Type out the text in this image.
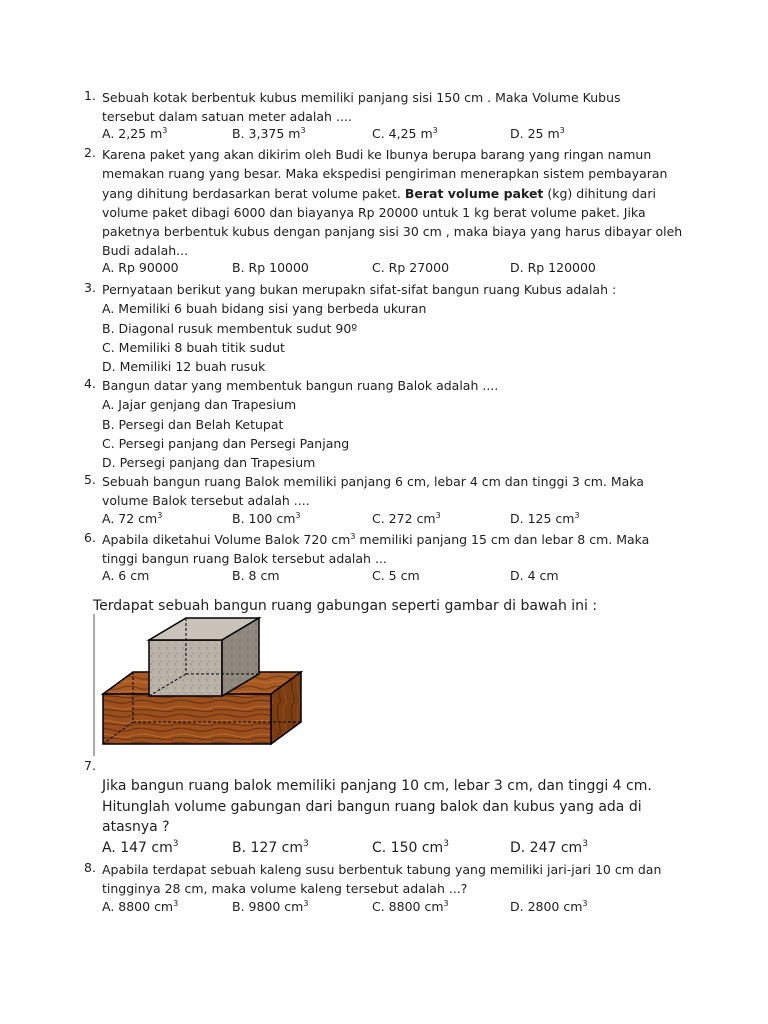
1. Sebuah kotak berbentuk kubus memiliki panjang sisi 150 cm . Maka Volume Kubus
tersebut dalam satuan meter adalah ....
A. 2,25 $m^3$	B. 3,375 $m^3$	C. 4,25 $m^3$	D. 25 $m^3$
2. Karena paket yang akan dikirim oleh Budi ke Ibunya berupa barang yang ringan namun
memakan ruang yang besar. Maka ekspedisi pengiriman menerapkan sistem pembayaran
yang dihitung berdasarkan berat volume paket. Berat volume paket (kg) dihitung dari
volume paket dibagi 6000 dan biayanya Rp 20000 untuk 1 kg berat volume paket. Jika
paketnya berbentuk kubus dengan panjang sisi 30 cm , maka biaya yang harus dibayar oleh
Budi adalah...
A. Rp 90000	B. Rp 10000	C. Rp 27000	D. Rp 120000
3. Pernyataan berikut yang bukan merupakn sifat-sifat bangun ruang Kubus adalah :
A. Memiliki 6 buah bidang sisi yang berbeda ukuran
B. Diagonal rusuk membentuk sudut 90º
C. Memiliki 8 buah titik sudut
D. Memiliki 12 buah rusuk
4. Bangun datar yang membentuk bangun ruang Balok adalah ....
A. Jajar genjang dan Trapesium
B. Persegi dan Belah Ketupat
C. Persegi panjang dan Persegi Panjang
D. Persegi panjang dan Trapesium
5. Sebuah bangun ruang Balok memiliki panjang 6 cm, lebar 4 cm dan tinggi 3 cm. Maka
volume Balok tersebut adalah ....
A. 72 $cm^3$	B. 100 $cm^3$	C. 272 $cm^3$	D. 125 $cm^3$
6. Apabila diketahui Volume Balok 720 $cm^3$ memiliki panjang 15 cm dan lebar 8 cm. Maka
tinggi bangun ruang Balok tersebut adalah ...
A. 6 cm	B. 8 cm	C. 5 cm	D. 4 cm
Terdapat sebuah bangun ruang gabungan seperti gambar di bawah ini :
7.
Jika bangun ruang balok memiliki panjang 10 cm, lebar 3 cm, dan tinggi 4 cm.
Hitunglah volume gabungan dari bangun ruang balok dan kubus yang ada di
atasnya ?
A. 147 $cm^3$	B. 127 $cm^3$	C. 150 $cm^3$	D. 247 $cm^3$
8. Apabila terdapat sebuah kaleng susu berbentuk tabung yang memiliki jari-jari 10 cm dan
tingginya 28 cm, maka volume kaleng tersebut adalah ...?
A. 8800 $cm^3$	B. 9800 $cm^3$	C. 8800 $cm^3$	D. 2800 $cm^3$
